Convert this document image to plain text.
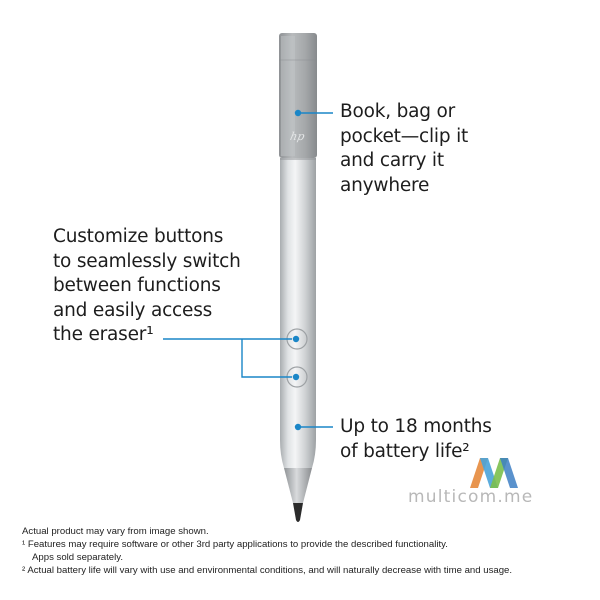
hp
Book, bag or
pocket—clip it
and carry it
anywhere
Customize buttons
to seamlessly switch
between functions
and easily access
the eraser¹
Up to 18 months
of battery life²
multicom.me
Actual product may vary from image shown.
¹ Features may require software or other 3rd party applications to provide the described functionality.
Apps sold separately.
² Actual battery life will vary with use and environmental conditions, and will naturally decrease with time and usage.
